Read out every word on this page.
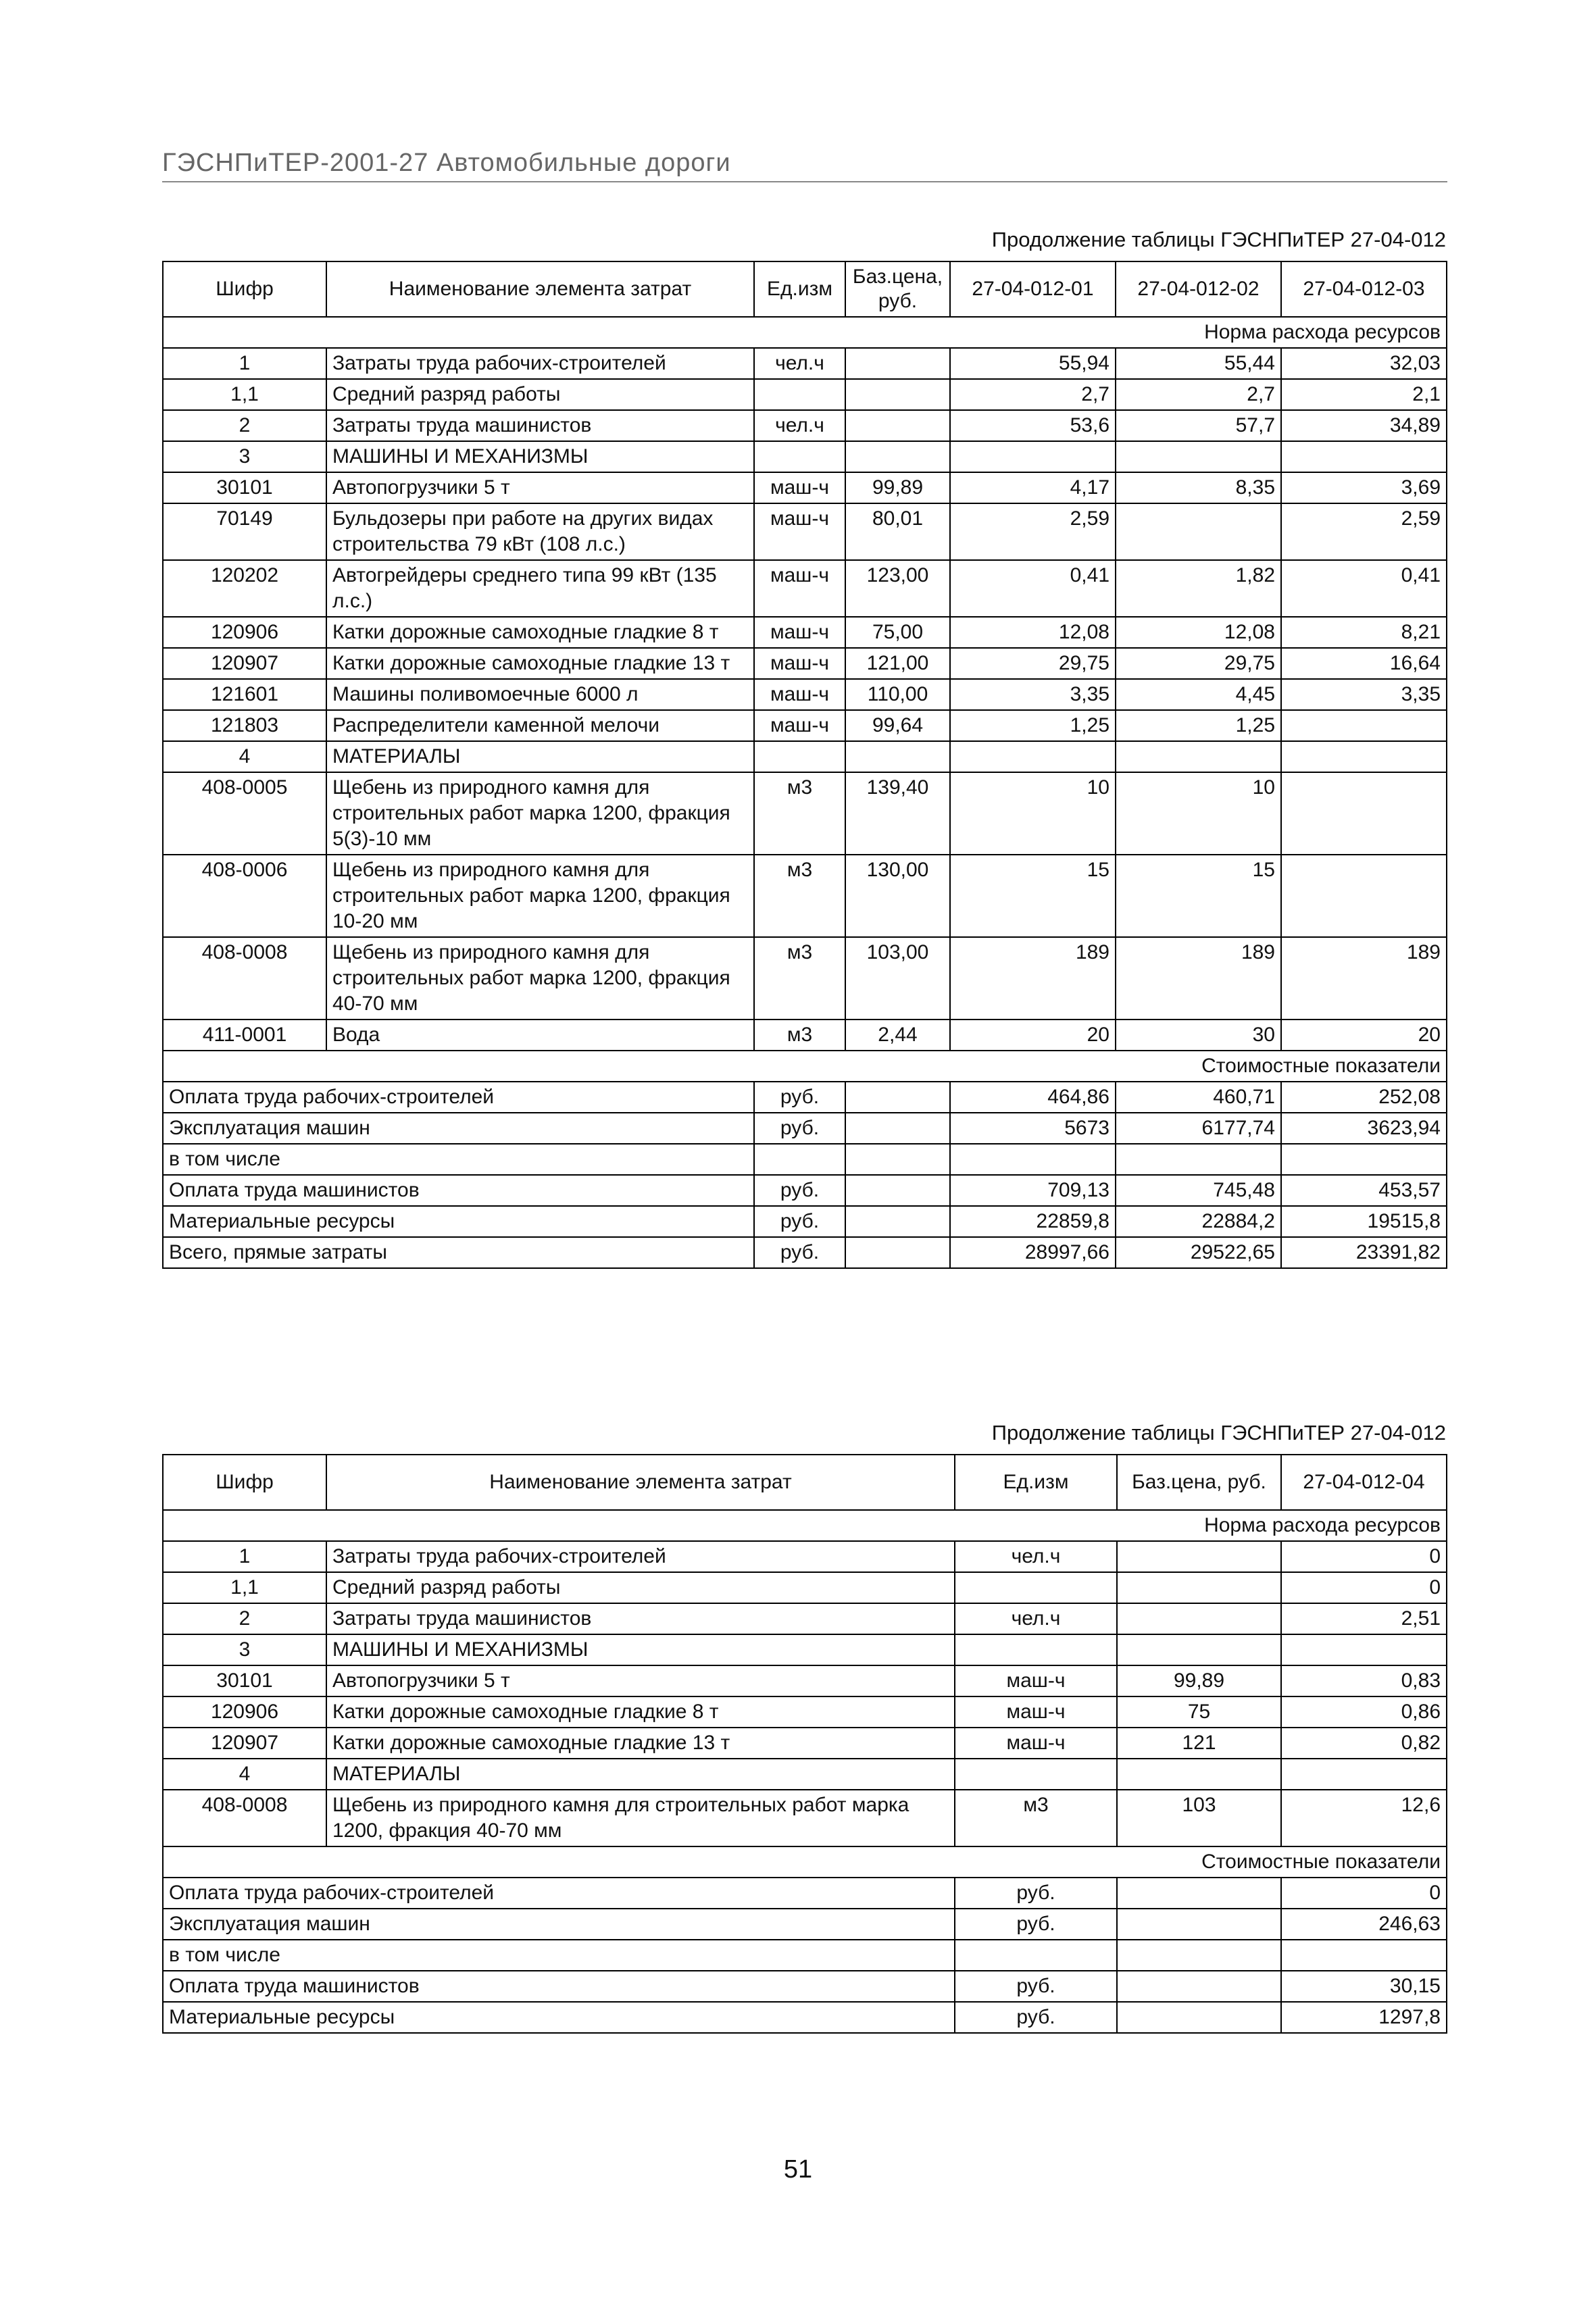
ГЭСНПиТЕР-2001-27 Автомобильные дороги
Продолжение таблицы ГЭСНПиТЕР 27-04-012
Шифр	Наименование элемента затрат	Ед.изм	Баз.цена, руб.	27-04-012-01	27-04-012-02	27-04-012-03
Норма расхода ресурсов						
1	Затраты труда рабочих-строителей	чел.ч		55,94	55,44	32,03
1,1	Средний разряд работы			2,7	2,7	2,1
2	Затраты труда машинистов	чел.ч		53,6	57,7	34,89
3	МАШИНЫ И МЕХАНИЗМЫ					
30101	Автопогрузчики 5 т	маш-ч	99,89	4,17	8,35	3,69
70149	Бульдозеры при работе на других видах строительства 79 кВт (108 л.с.)	маш-ч	80,01	2,59		2,59
120202	Автогрейдеры среднего типа 99 кВт (135 л.с.)	маш-ч	123,00	0,41	1,82	0,41
120906	Катки дорожные самоходные гладкие 8 т	маш-ч	75,00	12,08	12,08	8,21
120907	Катки дорожные самоходные гладкие 13 т	маш-ч	121,00	29,75	29,75	16,64
121601	Машины поливомоечные 6000 л	маш-ч	110,00	3,35	4,45	3,35
121803	Распределители каменной мелочи	маш-ч	99,64	1,25	1,25	
4	МАТЕРИАЛЫ					
408-0005	Щебень из природного камня для строительных работ марка 1200, фракция 5(3)-10 мм	м3	139,40	10	10	
408-0006	Щебень из природного камня для строительных работ марка 1200, фракция 10-20 мм	м3	130,00	15	15	
408-0008	Щебень из природного камня для строительных работ марка 1200, фракция 40-70 мм	м3	103,00	189	189	189
411-0001	Вода	м3	2,44	20	30	20
Стоимостные показатели						
Оплата труда рабочих-строителей		руб.		464,86	460,71	252,08
Эксплуатация машин		руб.		5673	6177,74	3623,94
в том числе						
Оплата труда машинистов		руб.		709,13	745,48	453,57
Материальные ресурсы		руб.		22859,8	22884,2	19515,8
Всего, прямые затраты		руб.		28997,66	29522,65	23391,82
Продолжение таблицы ГЭСНПиТЕР 27-04-012
Шифр	Наименование элемента затрат	Ед.изм	Баз.цена, руб.	27-04-012-04
Норма расхода ресурсов				
1	Затраты труда рабочих-строителей	чел.ч		0
1,1	Средний разряд работы			0
2	Затраты труда машинистов	чел.ч		2,51
3	МАШИНЫ И МЕХАНИЗМЫ			
30101	Автопогрузчики 5 т	маш-ч	99,89	0,83
120906	Катки дорожные самоходные гладкие 8 т	маш-ч	75	0,86
120907	Катки дорожные самоходные гладкие 13 т	маш-ч	121	0,82
4	МАТЕРИАЛЫ			
408-0008	Щебень из природного камня для строительных работ марка 1200, фракция 40-70 мм	м3	103	12,6
Стоимостные показатели				
Оплата труда рабочих-строителей		руб.		0
Эксплуатация машин		руб.		246,63
в том числе				
Оплата труда машинистов		руб.		30,15
Материальные ресурсы		руб.		1297,8
51
